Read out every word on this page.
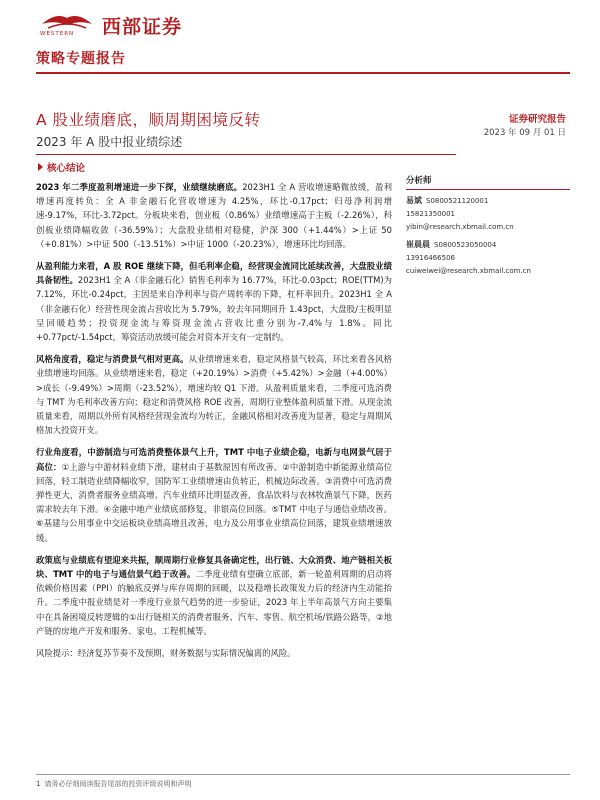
WESTERN 西部证券
策略专题报告
A 股业绩磨底，顺周期困境反转
2023 年 A 股中报业绩综述
证券研究报告
2023 年 09 月 01 日
核心结论

2023 年二季度盈利增速进一步下探，业绩继续磨底。2023H1 全 A 营收增速略微放缓，盈利增速再度转负：全 A 非金融石化营收增速为 4.25%，环比-0.17pct；归母净利润增速-9.17%，环比-3.72pct。分板块来看，创业板（0.86%）业绩增速高于主板（-2.26%），科创板业绩降幅收敛（-36.59%）；大盘股业绩相对稳健，沪深 300（+1.44%）>上证 50（+0.81%）>中证 500（-13.51%）>中证 1000（-20.23%），增速环比均回落。

从盈利能力来看，A 股 ROE 继续下降，但毛利率企稳，经营现金流同比延续改善，大盘股业绩具备韧性。2023H1 全 A（非金融石化）销售毛利率为 16.77%，环比-0.03pct；ROE(TTM)为 7.12%，环比-0.24pct，主因是来自净利率与资产周转率的下降，杠杆率回升。2023H1 全 A（非金融石化）经营性现金流占营收比为 5.79%，较去年同期回升 1.43pct，大盘股/主板明显呈回暖趋势；投资现金流与筹资现金流占营收比重分别为-7.4%与 1.8%。同比+0.77pct/-1.54pct，筹资活动放缓可能会对资本开支有一定制约。

风格角度看，稳定与消费景气相对更高。从业绩增速来看，稳定风格景气较高，环比来看各风格业绩增速均回落。从业绩增速来看，稳定（+20.19%）>消费（+5.42%）>金融（+4.00%）>成长（-9.49%）>周期（-23.52%），增速均较 Q1 下滑。从盈利质量来看，二季度可选消费与 TMT 为毛利率改善方向；稳定和消费风格 ROE 改善，周期行业整体盈利质量下滑。从现金流质量来看，周期以外所有风格经营现金流均为转正，金融风格相对改善度为显著，稳定与周期风格加大投资开支。

行业角度看，中游制造与可选消费整体景气上升，TMT 中电子业绩企稳，电新与电网景气居于高位：①上游与中游材料业绩下滑，建材由于基数原因有所改善。②中游制造中新能源业绩高位回落，轻工制造业绩降幅收窄，国防军工业绩增速由负转正，机械边际改善。③消费中可选消费弹性更大，消费者服务业绩高增、汽车业绩环比明显改善，食品饮料与农林牧渔景气下降，医药需求较去年下滑。④金融中地产业绩底部修复，非银高位回落。⑤TMT 中电子与通信业绩改善。⑥基建与公用事业中交运板块业绩高增且改善，电力及公用事业业绩高位回落，建筑业绩增速放缓。

政策底与业绩底有望迎来共振，顺周期行业修复具备确定性，出行链、大众消费、地产链相关板块、TMT 中的电子与通信景气趋于改善。二季度业绩有望确立底部，新一轮盈利周期的启动将依赖价格因素（PPI）的触底反弹与库存周期的回暖，以及稳增长政策发力后的经济内生动能抬升。二季度中报业绩是对一季度行业景气趋势的进一步验证，2023 年上半年高景气方向主要集中在具备困境反转逻辑的①出行链相关的消费者服务、汽车、零售、航空机场/铁路公路等，②地产链的房地产开发和服务、家电、工程机械等。

风险提示：经济复苏节奏不及预期，财务数据与实际情况偏离的风险。

分析师
易斌 S0800521120001
15821350001
yibin@research.xbmail.com.cn
崔晨晨 S0800523050004
13916466506
cuiweiwei@research.xbmail.com.cn
1 请务必仔细阅读报告尾部的投资评级说明和声明
